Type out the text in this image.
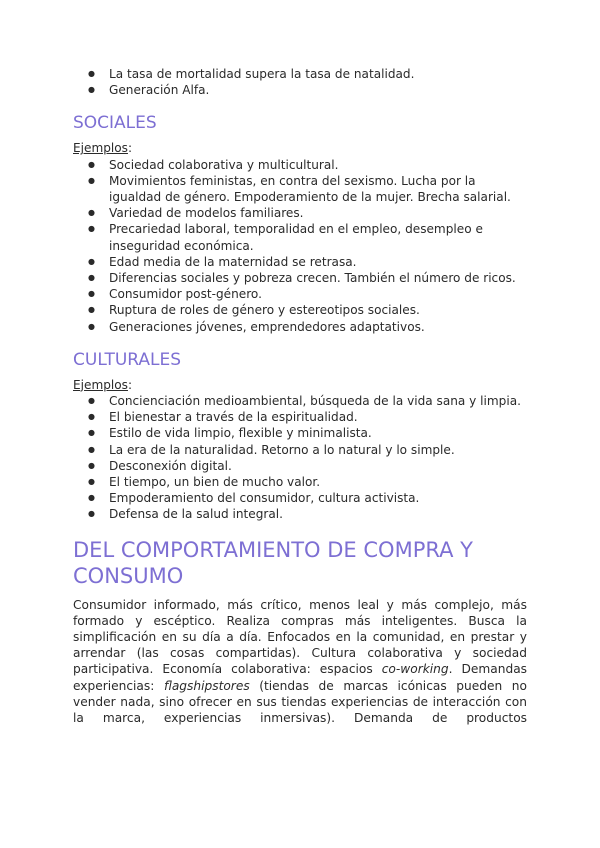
● La tasa de mortalidad supera la tasa de natalidad.
● Generación Alfa.
SOCIALES
Ejemplos:
● Sociedad colaborativa y multicultural.
● Movimientos feministas, en contra del sexismo. Lucha por la igualdad de género. Empoderamiento de la mujer. Brecha salarial.
● Variedad de modelos familiares.
● Precariedad laboral, temporalidad en el empleo, desempleo e inseguridad económica.
● Edad media de la maternidad se retrasa.
● Diferencias sociales y pobreza crecen. También el número de ricos.
● Consumidor post-género.
● Ruptura de roles de género y estereotipos sociales.
● Generaciones jóvenes, emprendedores adaptativos.
CULTURALES
Ejemplos:
● Concienciación medioambiental, búsqueda de la vida sana y limpia.
● El bienestar a través de la espiritualidad.
● Estilo de vida limpio, flexible y minimalista.
● La era de la naturalidad. Retorno a lo natural y lo simple.
● Desconexión digital.
● El tiempo, un bien de mucho valor.
● Empoderamiento del consumidor, cultura activista.
● Defensa de la salud integral.
DEL COMPORTAMIENTO DE COMPRA Y CONSUMO

Consumidor informado, más crítico, menos leal y más complejo, más formado y escéptico. Realiza compras más inteligentes. Busca la simplificación en su día a día. Enfocados en la comunidad, en prestar y arrendar (las cosas compartidas). Cultura colaborativa y sociedad participativa. Economía colaborativa: espacios co-working. Demandas experiencias: flagshipstores (tiendas de marcas icónicas pueden no vender nada, sino ofrecer en sus tiendas experiencias de interacción con la marca, experiencias inmersivas). Demanda de productos
